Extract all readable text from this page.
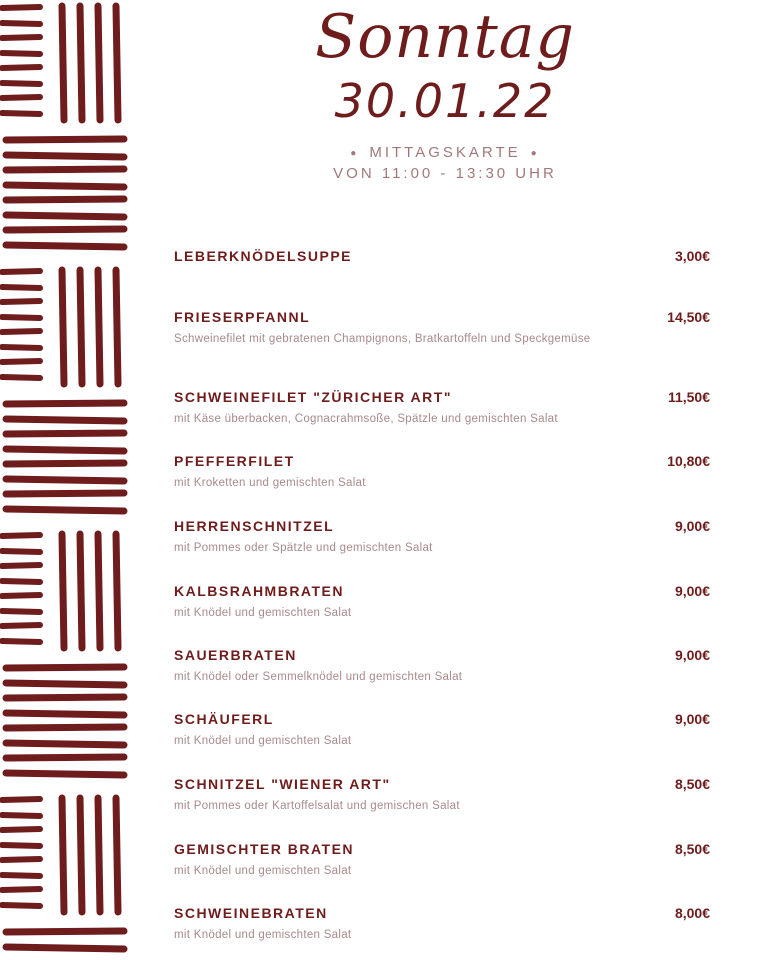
Sonntag
30.01.22
● MITTAGSKARTE ●
VON 11:00 - 13:30 UHR
LEBERKNÖDELSUPPE	3,00€
FRIESERPFANNL	14,50€
Schweinefilet mit gebratenen Champignons, Bratkartoffeln und Speckgemüse
SCHWEINEFILET "ZÜRICHER ART"	11,50€
mit Käse überbacken, Cognacrahmsoße, Spätzle und gemischten Salat
PFEFFERFILET	10,80€
mit Kroketten und gemischten Salat
HERRENSCHNITZEL	9,00€
mit Pommes oder Spätzle und gemischten Salat
KALBSRAHMBRATEN	9,00€
mit Knödel und gemischten Salat
SAUERBRATEN	9,00€
mit Knödel oder Semmelknödel und gemischten Salat
SCHÄUFERL	9,00€
mit Knödel und gemischten Salat
SCHNITZEL "WIENER ART"	8,50€
mit Pommes oder Kartoffelsalat und gemischen Salat
GEMISCHTER BRATEN	8,50€
mit Knödel und gemischten Salat
SCHWEINEBRATEN	8,00€
mit Knödel und gemischten Salat
